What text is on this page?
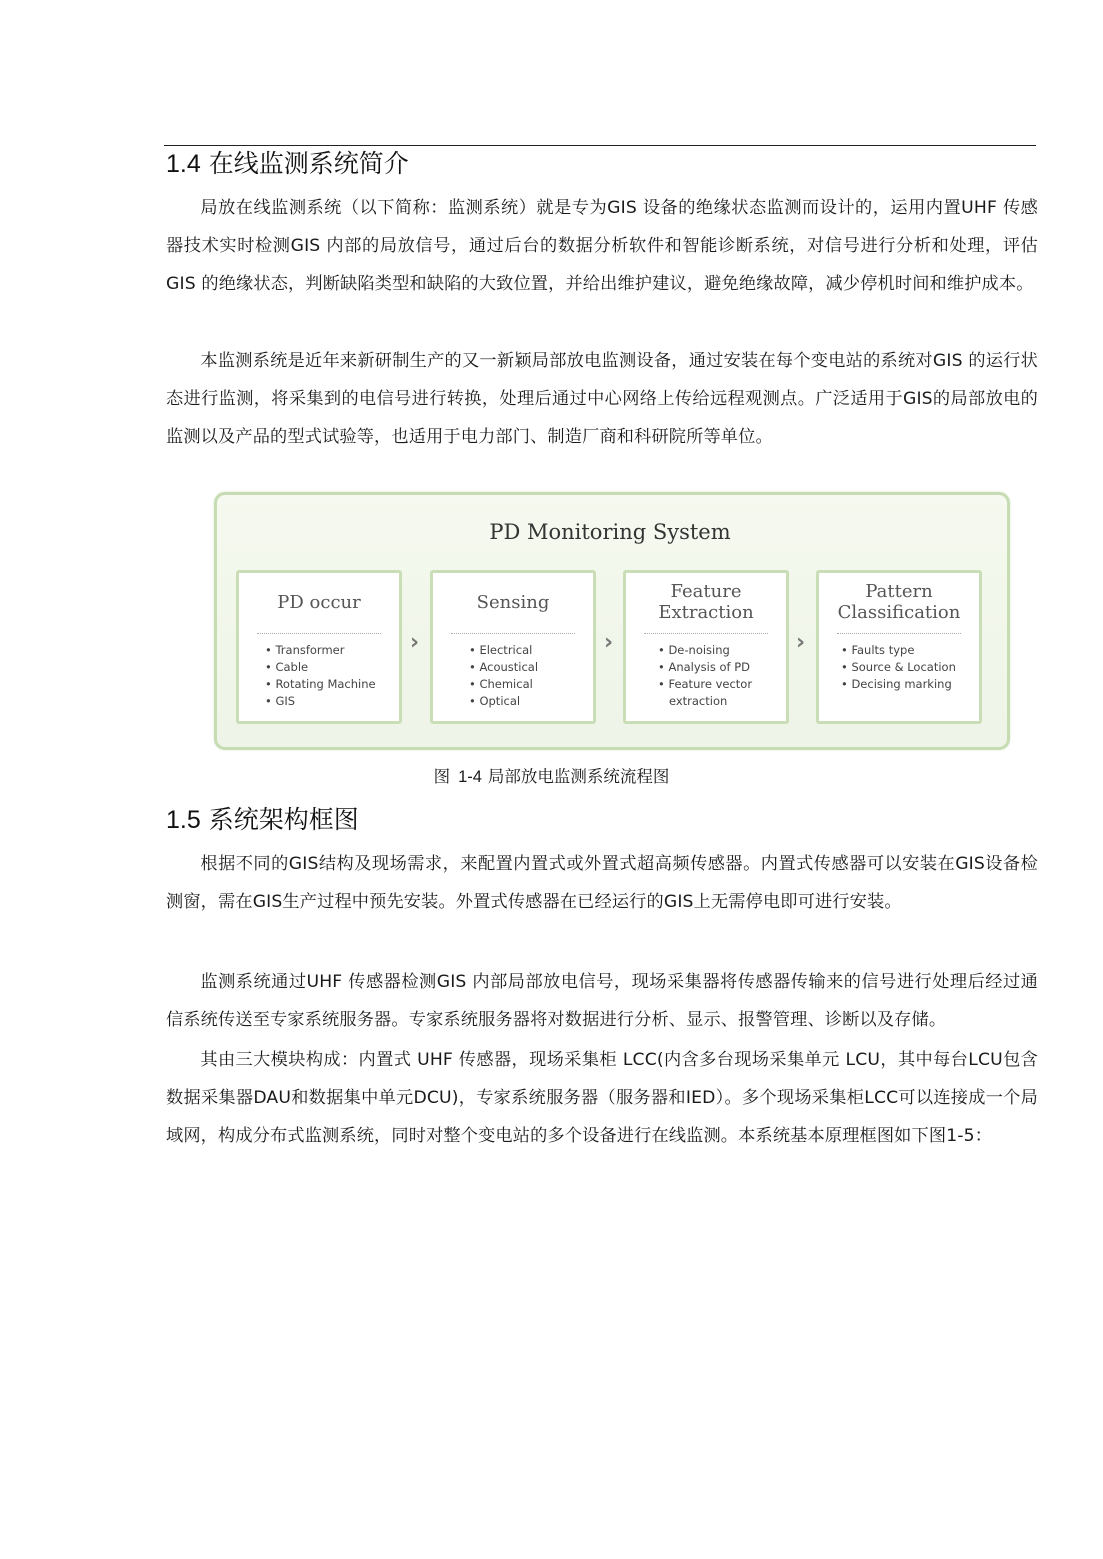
1.4 在线监测系统简介

局放在线监测系统（以下简称：监测系统）就是专为GIS 设备的绝缘状态监测而设计的，运用内置UHF 传感器技术实时检测GIS 内部的局放信号，通过后台的数据分析软件和智能诊断系统，对信号进行分析和处理，评估GIS 的绝缘状态，判断缺陷类型和缺陷的大致位置，并给出维护建议，避免绝缘故障，减少停机时间和维护成本。

本监测系统是近年来新研制生产的又一新颖局部放电监测设备，通过安装在每个变电站的系统对GIS 的运行状态进行监测，将采集到的电信号进行转换，处理后通过中心网络上传给远程观测点。广泛适用于GIS的局部放电的监测以及产品的型式试验等，也适用于电力部门、制造厂商和科研院所等单位。

PD Monitoring System
PD occur
• Transformer
• Cable
• Rotating Machine
• GIS
›
Sensing
• Electrical
• Acoustical
• Chemical
• Optical
›
Feature
Extraction
• De-noising
• Analysis of PD
• Feature vector
extraction
›
Pattern
Classification
• Faults type
• Source & Location
• Decising marking
图 1-4 局部放电监测系统流程图
1.5 系统架构框图

根据不同的GIS结构及现场需求，来配置内置式或外置式超高频传感器。内置式传感器可以安装在GIS设备检测窗，需在GIS生产过程中预先安装。外置式传感器在已经运行的GIS上无需停电即可进行安装。

监测系统通过UHF 传感器检测GIS 内部局部放电信号，现场采集器将传感器传输来的信号进行处理后经过通信系统传送至专家系统服务器。专家系统服务器将对数据进行分析、显示、报警管理、诊断以及存储。

其由三大模块构成：内置式 UHF 传感器，现场采集柜 LCC(内含多台现场采集单元 LCU，其中每台LCU包含数据采集器DAU和数据集中单元DCU)，专家系统服务器（服务器和IED）。多个现场采集柜LCC可以连接成一个局域网，构成分布式监测系统，同时对整个变电站的多个设备进行在线监测。本系统基本原理框图如下图1-5：
